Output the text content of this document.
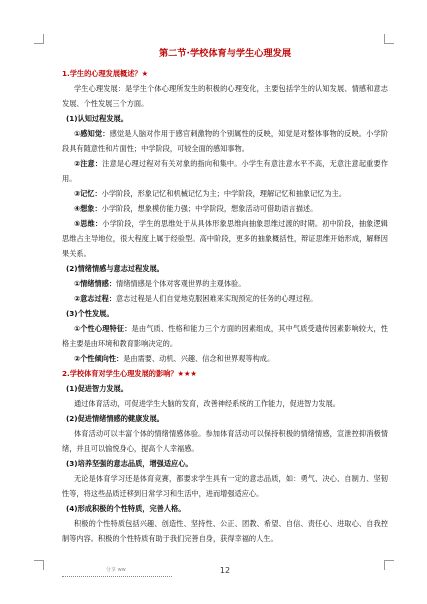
第二节·学校体育与学生心理发展

1.学生的心理发展概述？★

学生心理发展：是学生个体心理所发生的积极的心理变化，主要包括学生的认知发展、情感和意志发展、个性发展三个方面。

(1)认知过程发展。

①感知觉：感觉是人脑对作用于感官刺激物的个别属性的反映，知觉是对整体事物的反映。小学阶段具有随意性和片面性；中学阶段，可较全面的感知事物。

②注意：注意是心理过程对有关对象的指向和集中。小学生有意注意水平不高，无意注意起重要作用。

③记忆：小学阶段，形象记忆和机械记忆为主；中学阶段，理解记忆和抽象记忆为主。

④想象：小学阶段，想象模仿能力强；中学阶段，想象活动可借助语言描述。

⑤思维：小学阶段，学生的思维处于从具体形象思维向抽象思维过渡的时期。初中阶段，抽象逻辑思维占主导地位，很大程度上属于经验型。高中阶段，更多的抽象概括性，辩证思维开始形成，解释因果关系。

(2)情绪情感与意志过程发展。

①情绪情感：情绪情感是个体对客观世界的主观体验。

②意志过程：意志过程是人们自觉地克服困难来实现预定的任务的心理过程。

(3)个性发展。

①个性心理特征：是由气质、性格和能力三个方面的因素组成，其中气质受遗传因素影响较大，性格主要是由环境和教育影响决定的。

②个性倾向性：是由需要、动机、兴趣、信念和世界观等构成。

2.学校体育对学生心理发展的影响？★★★

(1)促进智力发展。

通过体育活动，可促进学生大脑的发育，改善神经系统的工作能力，促进智力发展。

(2)促进情绪情感的健康发展。

体育活动可以丰富个体的情绪情感体验。参加体育活动可以保持积极的情绪情感，宣泄控抑消极情绪，并且可以愉悦身心，提高个人幸福感。

(3)培养坚强的意志品质，增强适应心。

无论是体育学习还是体育竞赛，都要求学生具有一定的意志品质，如：勇气、决心、自制力、坚韧性等，将这些品质迁移到日常学习和生活中，进而增强适应心。

(4)形成积极的个性特质，完善人格。

积极的个性特质包括兴趣、创造性、坚持性、公正、团教、希望、自信、责任心、进取心、自我控制等内容。积极的个性特质有助于我们完善自身，获得幸福的人生。

分享 ww	12
